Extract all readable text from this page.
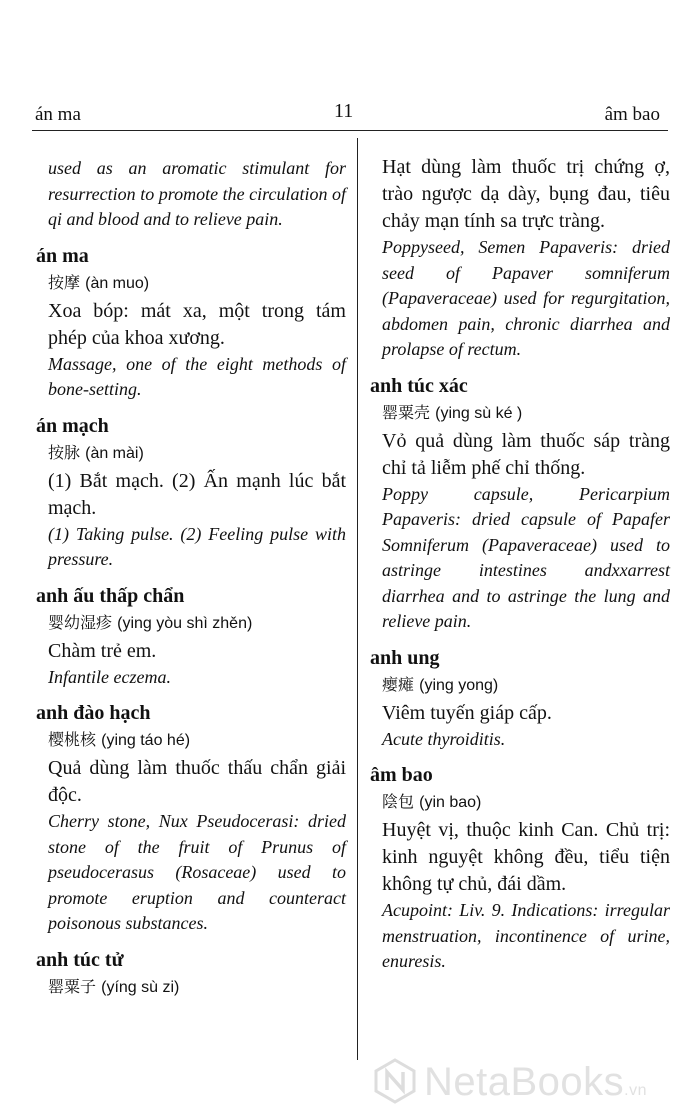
án ma	11	âm bao
used as an aromatic stimulant for resurrection to promote the circulation of qi and blood and to relieve pain.
án ma
按摩 (àn muo)
Xoa bóp: mát xa, một trong tám phép của khoa xương.
Massage, one of the eight methods of bone-setting.
án mạch
按脉 (àn mài)
(1) Bắt mạch. (2) Ấn mạnh lúc bắt mạch.
(1) Taking pulse. (2) Feeling pulse with pressure.
anh ấu thấp chẩn
婴幼湿疹 (ying yòu shì zhěn)
Chàm trẻ em.
Infantile eczema.
anh đào hạch
樱桃核 (ying táo hé)
Quả dùng làm thuốc thấu chẩn giải độc.
Cherry stone, Nux Pseudocerasi: dried stone of the fruit of Prunus of pseudocerasus (Rosaceae) used to promote eruption and counteract poisonous substances.
anh túc tử
罂粟子 (yíng sù zi)
Hạt dùng làm thuốc trị chứng ợ, trào ngược dạ dày, bụng đau, tiêu chảy mạn tính sa trực tràng.
Poppyseed, Semen Papaveris: dried seed of Papaver somniferum (Papaveraceae) used for regurgitation, abdomen pain, chronic diarrhea and prolapse of rectum.
anh túc xác
罂粟壳 (ying sù ké )
Vỏ quả dùng làm thuốc sáp tràng chỉ tả liễm phế chỉ thống.
Poppy capsule, Pericarpium Papaveris: dried capsule of Papafer Somniferum (Papaveraceae) used to astringe intestines andxxarrest diarrhea and to astringe the lung and relieve pain.
anh ung
瘿瘫 (ying yong)
Viêm tuyến giáp cấp.
Acute thyroiditis.
âm bao
陰包 (yin bao)
Huyệt vị, thuộc kinh Can. Chủ trị: kinh nguyệt không đều, tiểu tiện không tự chủ, đái dầm.
Acupoint: Liv. 9. Indications: irregular menstruation, incontinence of urine, enuresis.
NetaBooks.vn
